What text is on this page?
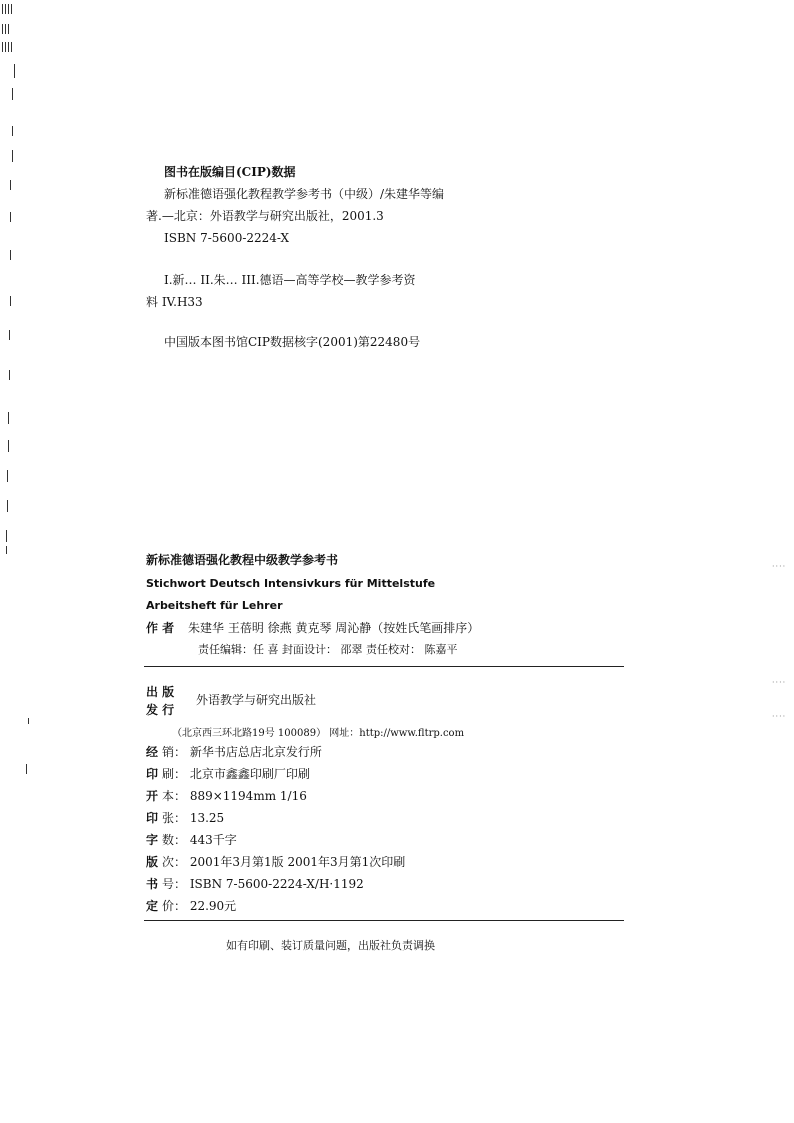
····
····
····
图书在版编目(CIP)数据
新标准德语强化教程教学参考书（中级）/朱建华等编
著.—北京：外语教学与研究出版社，2001.3
ISBN 7-5600-2224-X
I.新… II.朱… III.德语—高等学校—教学参考资
料 IV.H33
中国版本图书馆CIP数据核字(2001)第22480号
新标准德语强化教程中级教学参考书
Stichwort Deutsch Intensivkurs für Mittelstufe
Arbeitsheft für Lehrer
作 者 朱建华 王蓓明 徐燕 黄克琴 周沁静（按姓氏笔画排序）
责任编辑：任 喜 封面设计： 邵翠 责任校对： 陈嘉平
出 版
发 行
外语教学与研究出版社
（北京西三环北路19号 100089） 网址：http://www.fltrp.com
经 销： 新华书店总店北京发行所
印 刷： 北京市鑫鑫印刷厂印刷
开 本： 889×1194mm 1/16
印 张： 13.25
字 数： 443千字
版 次： 2001年3月第1版 2001年3月第1次印刷
书 号： ISBN 7-5600-2224-X/H·1192
定 价： 22.90元
如有印刷、装订质量问题，出版社负责调换
